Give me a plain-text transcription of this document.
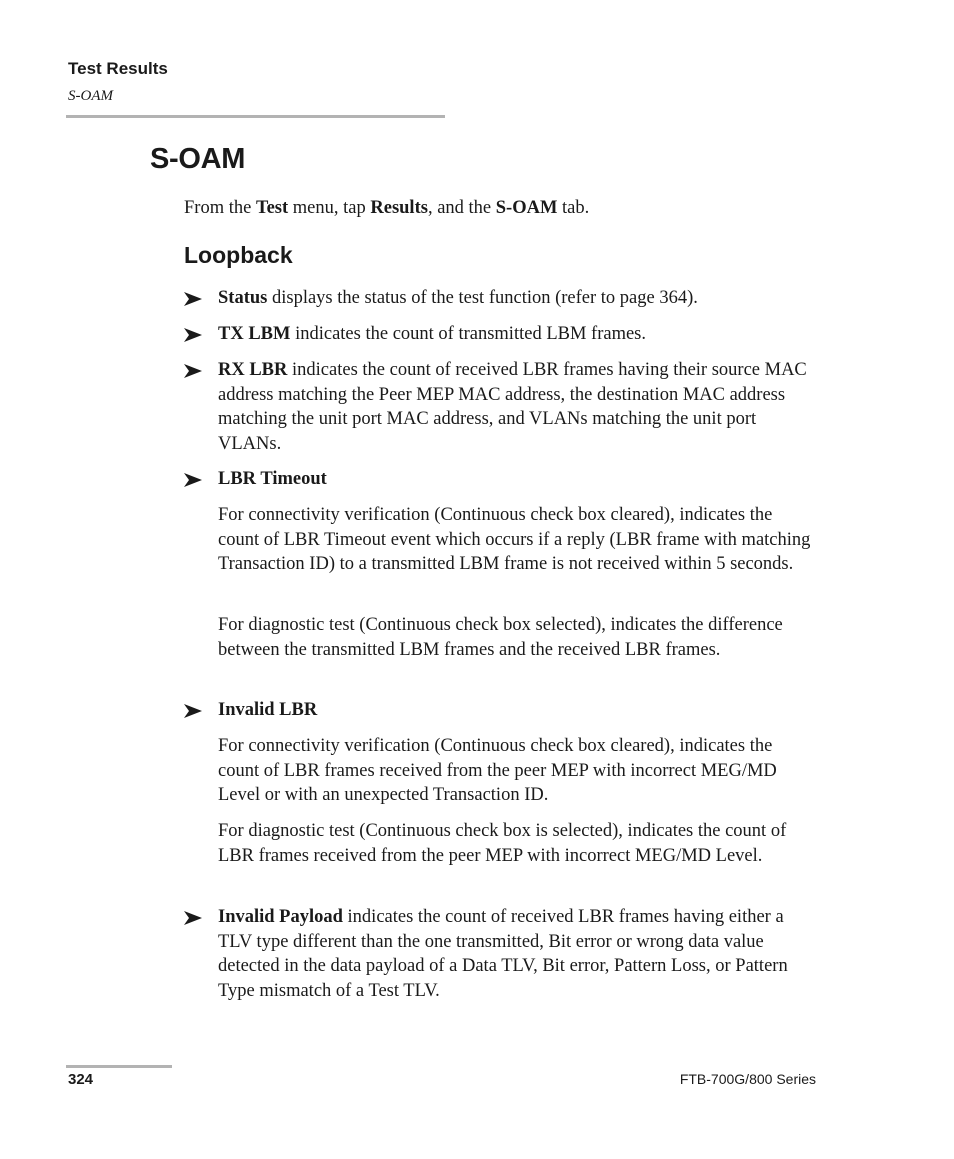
Test Results
S-OAM
S-OAM
From the Test menu, tap Results, and the S-OAM tab.
Loopback
Status displays the status of the test function (refer to page 364).
TX LBM indicates the count of transmitted LBM frames.
RX LBR indicates the count of received LBR frames having their source MAC address matching the Peer MEP MAC address, the destination MAC address matching the unit port MAC address, and VLANs matching the unit port VLANs.
LBR Timeout
For connectivity verification (Continuous check box cleared), indicates the count of LBR Timeout event which occurs if a reply (LBR frame with matching Transaction ID) to a transmitted LBM frame is not received within 5 seconds.
For diagnostic test (Continuous check box selected), indicates the difference between the transmitted LBM frames and the received LBR frames.
Invalid LBR
For connectivity verification (Continuous check box cleared), indicates the count of LBR frames received from the peer MEP with incorrect MEG/MD Level or with an unexpected Transaction ID.
For diagnostic test (Continuous check box is selected), indicates the count of LBR frames received from the peer MEP with incorrect MEG/MD Level.
Invalid Payload indicates the count of received LBR frames having either a TLV type different than the one transmitted, Bit error or wrong data value detected in the data payload of a Data TLV, Bit error, Pattern Loss, or Pattern Type mismatch of a Test TLV.
324	FTB-700G/800 Series
